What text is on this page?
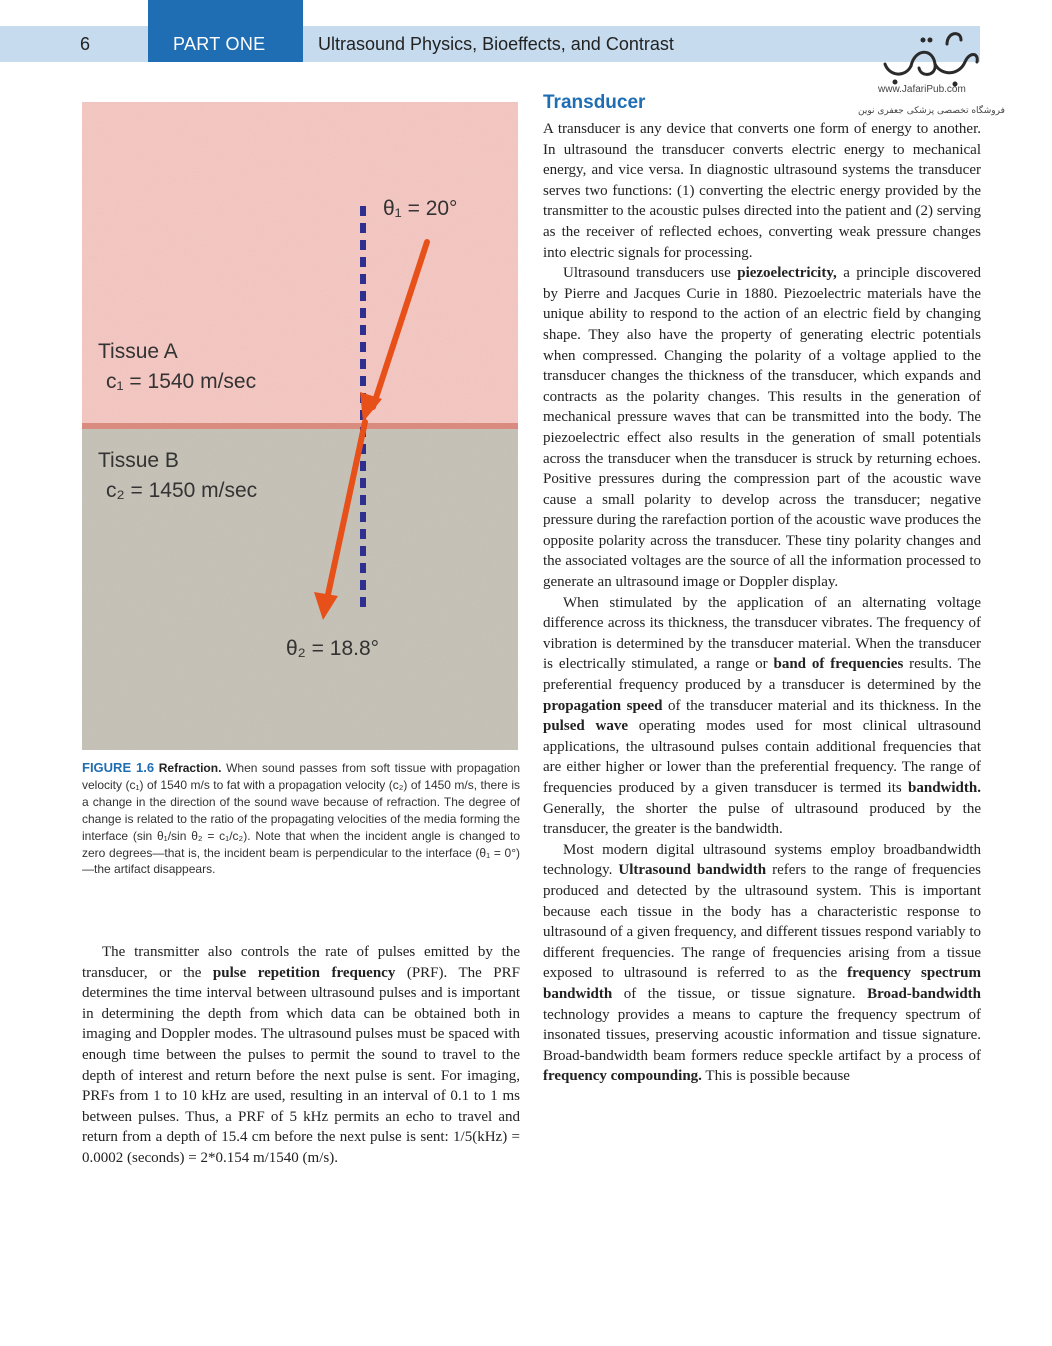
6	PART ONE	Ultrasound Physics, Bioeffects, and Contrast
www.JafariPub.com
فروشگاه تخصصی پزشکی جعفری نوین
Tissue A
c₁ = 1540 m/sec
Tissue B
c₂ = 1450 m/sec
θ₁ = 20°
θ₂ = 18.8°
FIGURE 1.6 Refraction. When sound passes from soft tissue with propagation velocity (c₁) of 1540 m/s to fat with a propagation velocity (c₂) of 1450 m/s, there is a change in the direction of the sound wave because of refraction. The degree of change is related to the ratio of the propagating velocities of the media forming the interface (sin θ₁/sin θ₂ = c₁/c₂). Note that when the incident angle is changed to zero degrees—that is, the incident beam is perpendicular to the interface (θ₁ = 0°)—the artifact disappears.
The transmitter also controls the rate of pulses emitted by the transducer, or the pulse repetition frequency (PRF). The PRF determines the time interval between ultrasound pulses and is important in determining the depth from which data can be obtained both in imaging and Doppler modes. The ultrasound pulses must be spaced with enough time between the pulses to permit the sound to travel to the depth of interest and return before the next pulse is sent. For imaging, PRFs from 1 to 10 kHz are used, resulting in an interval of 0.1 to 1 ms between pulses. Thus, a PRF of 5 kHz permits an echo to travel and return from a depth of 15.4 cm before the next pulse is sent: 1/5(kHz) = 0.0002 (seconds) = 2*0.154 m/1540 (m/s).
Transducer

A transducer is any device that converts one form of energy to another. In ultrasound the transducer converts electric energy to mechanical energy, and vice versa. In diagnostic ultrasound systems the transducer serves two functions: (1) converting the electric energy provided by the transmitter to the acoustic pulses directed into the patient and (2) serving as the receiver of reflected echoes, converting weak pressure changes into electric signals for processing.

Ultrasound transducers use piezoelectricity, a principle discovered by Pierre and Jacques Curie in 1880. Piezoelectric materials have the unique ability to respond to the action of an electric field by changing shape. They also have the property of generating electric potentials when compressed. Changing the polarity of a voltage applied to the transducer changes the thickness of the transducer, which expands and contracts as the polarity changes. This results in the generation of mechanical pressure waves that can be transmitted into the body. The piezoelectric effect also results in the generation of small potentials across the transducer when the transducer is struck by returning echoes. Positive pressures during the compression part of the acoustic wave cause a small polarity to develop across the transducer; negative pressure during the rarefaction portion of the acoustic wave produces the opposite polarity across the transducer. These tiny polarity changes and the associated voltages are the source of all the information processed to generate an ultrasound image or Doppler display.

When stimulated by the application of an alternating voltage difference across its thickness, the transducer vibrates. The frequency of vibration is determined by the transducer material. When the transducer is electrically stimulated, a range or band of frequencies results. The preferential frequency produced by a transducer is determined by the propagation speed of the transducer material and its thickness. In the pulsed wave operating modes used for most clinical ultrasound applications, the ultrasound pulses contain additional frequencies that are either higher or lower than the preferential frequency. The range of frequencies produced by a given transducer is termed its bandwidth. Generally, the shorter the pulse of ultrasound produced by the transducer, the greater is the bandwidth.

Most modern digital ultrasound systems employ broadbandwidth technology. Ultrasound bandwidth refers to the range of frequencies produced and detected by the ultrasound system. This is important because each tissue in the body has a characteristic response to ultrasound of a given frequency, and different tissues respond variably to different frequencies. The range of frequencies arising from a tissue exposed to ultrasound is referred to as the frequency spectrum bandwidth of the tissue, or tissue signature. Broad-bandwidth technology provides a means to capture the frequency spectrum of insonated tissues, preserving acoustic information and tissue signature. Broad-bandwidth beam formers reduce speckle artifact by a process of frequency compounding. This is possible because
